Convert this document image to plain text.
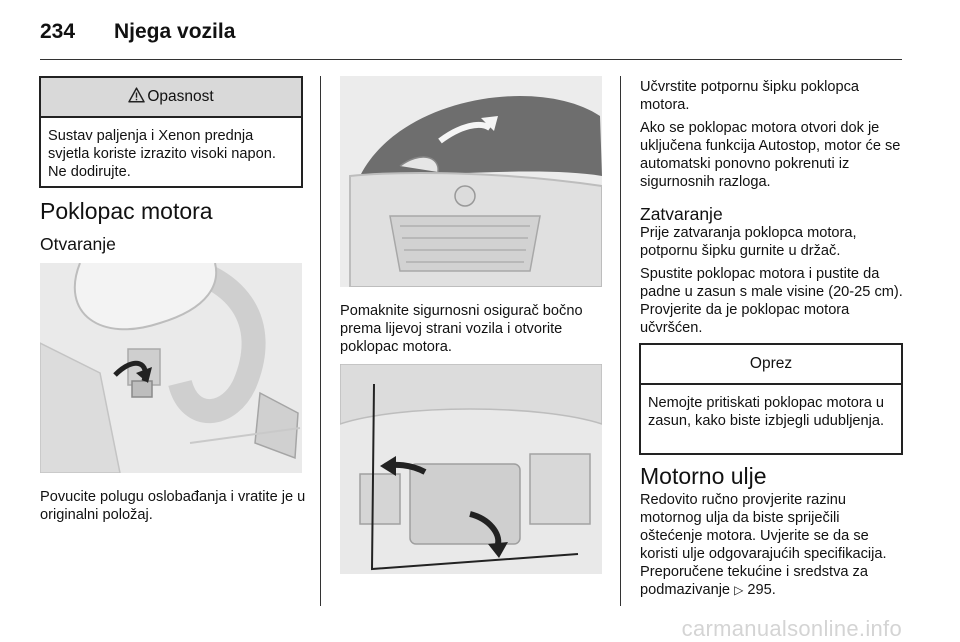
234 Njega vozila
Opasnost
Sustav paljenja i Xenon prednja svjetla koriste izrazito visoki napon. Ne dodirujte.
Poklopac motora
Otvaranje

Povucite polugu oslobađanja i vratite je u originalni položaj.

Pomaknite sigurnosni osigurač bočno prema lijevoj strani vozila i otvorite poklopac motora.

Učvrstite potpornu šipku poklopca motora.

Ako se poklopac motora otvori dok je uključena funkcija Autostop, motor će se automatski ponovno pokrenuti iz sigurnosnih razloga.

Zatvaranje

Prije zatvaranja poklopca motora, potpornu šipku gurnite u držač.

Spustite poklopac motora i pustite da padne u zasun s male visine (20-25 cm). Provjerite da je poklopac motora učvršćen.

Oprez
Nemojte pritiskati poklopac motora u zasun, kako biste izbjegli udubljenja.
Motorno ulje

Redovito ručno provjerite razinu motornog ulja da biste spriječili oštećenje motora. Uvjerite se da se koristi ulje odgovarajućih specifikacija. Preporučene tekućine i sredstva za podmazivanje ▷ 295.

carmanualsonline.info
